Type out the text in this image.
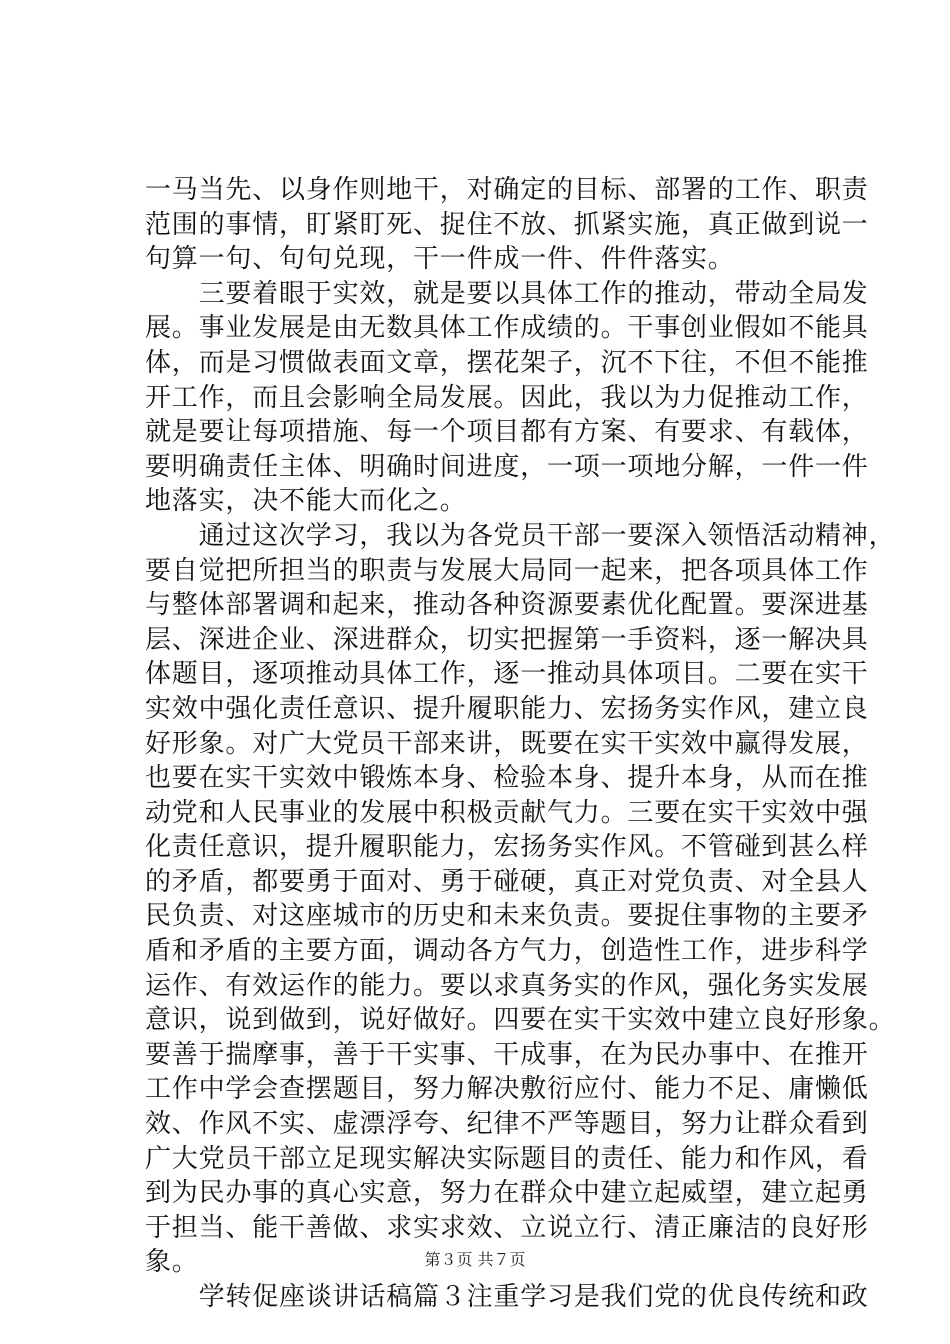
一马当先、以身作则地干，对确定的目标、部署的工作、职责
范围的事情，盯紧盯死、捉住不放、抓紧实施，真正做到说一
句算一句、句句兑现，干一件成一件、件件落实。
　　三要着眼于实效，就是要以具体工作的推动，带动全局发
展。事业发展是由无数具体工作成绩的。干事创业假如不能具
体，而是习惯做表面文章，摆花架子，沉不下往，不但不能推
开工作，而且会影响全局发展。因此，我以为力促推动工作，
就是要让每项措施、每一个项目都有方案、有要求、有载体，
要明确责任主体、明确时间进度，一项一项地分解，一件一件
地落实，决不能大而化之。
　　通过这次学习，我以为各党员干部一要深入领悟活动精神，
要自觉把所担当的职责与发展大局同一起来，把各项具体工作
与整体部署调和起来，推动各种资源要素优化配置。要深进基
层、深进企业、深进群众，切实把握第一手资料，逐一解决具
体题目，逐项推动具体工作，逐一推动具体项目。二要在实干
实效中强化责任意识、提升履职能力、宏扬务实作风，建立良
好形象。对广大党员干部来讲，既要在实干实效中赢得发展，
也要在实干实效中锻炼本身、检验本身、提升本身，从而在推
动党和人民事业的发展中积极贡献气力。三要在实干实效中强
化责任意识，提升履职能力，宏扬务实作风。不管碰到甚么样
的矛盾，都要勇于面对、勇于碰硬，真正对党负责、对全县人
民负责、对这座城市的历史和未来负责。要捉住事物的主要矛
盾和矛盾的主要方面，调动各方气力，创造性工作，进步科学
运作、有效运作的能力。要以求真务实的作风，强化务实发展
意识，说到做到，说好做好。四要在实干实效中建立良好形象。
要善于揣摩事，善于干实事、干成事，在为民办事中、在推开
工作中学会查摆题目，努力解决敷衍应付、能力不足、庸懒低
效、作风不实、虚漂浮夸、纪律不严等题目，努力让群众看到
广大党员干部立足现实解决实际题目的责任、能力和作风，看
到为民办事的真心实意，努力在群众中建立起威望，建立起勇
于担当、能干善做、求实求效、立说立行、清正廉洁的良好形
象。
　　学转促座谈讲话稿篇３注重学习是我们党的优良传统和政
第３页 共７页
